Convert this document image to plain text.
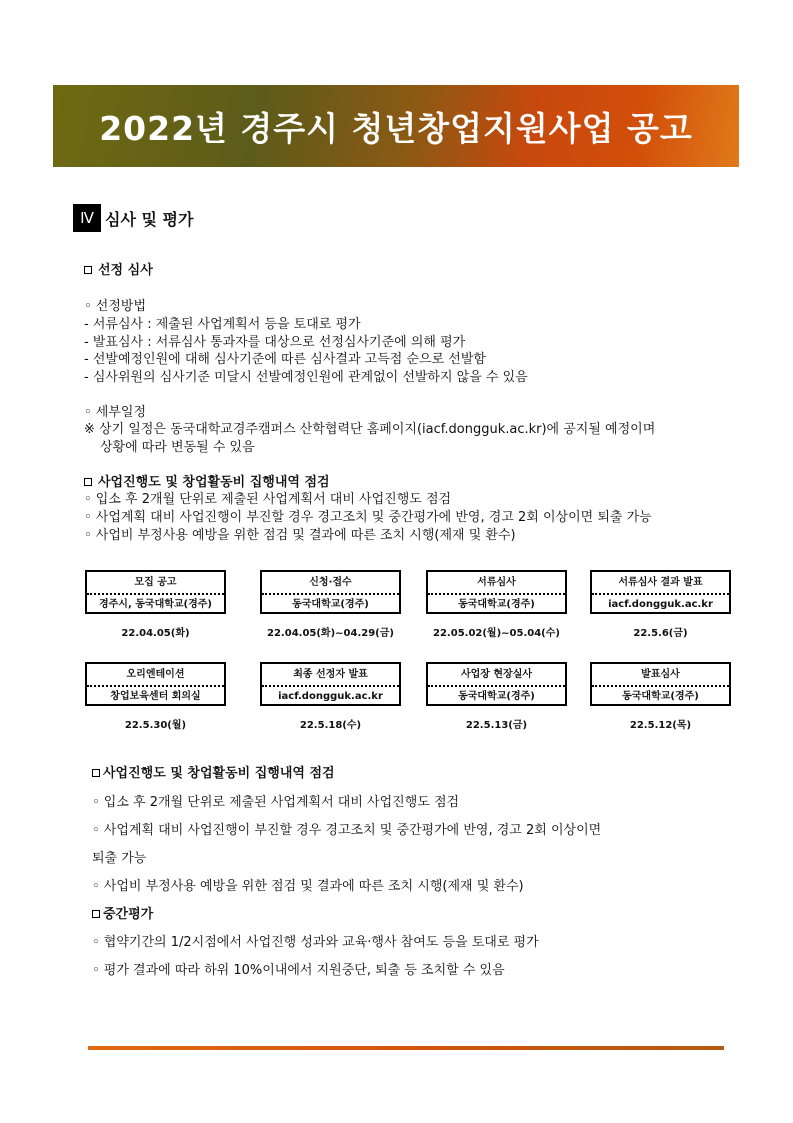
2022년 경주시 청년창업지원사업 공고
Ⅳ 심사 및 평가
선정 심사
◦ 선정방법
- 서류심사 : 제출된 사업계획서 등을 토대로 평가
- 발표심사 : 서류심사 통과자를 대상으로 선정심사기준에 의해 평가
- 선발예정인원에 대해 심사기준에 따른 심사결과 고득점 순으로 선발함
- 심사위원의 심사기준 미달시 선발예정인원에 관계없이 선발하지 않을 수 있음
◦ 세부일정
※ 상기 일정은 동국대학교경주캠퍼스 산학협력단 홈페이지(iacf.dongguk.ac.kr)에 공지될 예정이며
상황에 따라 변동될 수 있음
사업진행도 및 창업활동비 집행내역 점검
◦ 입소 후 2개월 단위로 제출된 사업계획서 대비 사업진행도 점검
◦ 사업계획 대비 사업진행이 부진할 경우 경고조치 및 중간평가에 반영, 경고 2회 이상이면 퇴출 가능
◦ 사업비 부정사용 예방을 위한 점검 및 결과에 따른 조치 시행(제재 및 환수)
모집 공고
경주시, 동국대학교(경주)
22.04.05(화)
신청·접수
동국대학교(경주)
22.04.05(화)~04.29(금)
서류심사
동국대학교(경주)
22.05.02(월)~05.04(수)
서류심사 결과 발표
iacf.dongguk.ac.kr
22.5.6(금)
오리엔테이션
창업보육센터 회의실
22.5.30(월)
최종 선정자 발표
iacf.dongguk.ac.kr
22.5.18(수)
사업장 현장실사
동국대학교(경주)
22.5.13(금)
발표심사
동국대학교(경주)
22.5.12(목)
사업진행도 및 창업활동비 집행내역 점검
◦ 입소 후 2개월 단위로 제출된 사업계획서 대비 사업진행도 점검
◦ 사업계획 대비 사업진행이 부진할 경우 경고조치 및 중간평가에 반영, 경고 2회 이상이면
퇴출 가능
◦ 사업비 부정사용 예방을 위한 점검 및 결과에 따른 조치 시행(제재 및 환수)
중간평가
◦ 협약기간의 1/2시점에서 사업진행 성과와 교육·행사 참여도 등을 토대로 평가
◦ 평가 결과에 따라 하위 10%이내에서 지원중단, 퇴출 등 조치할 수 있음
